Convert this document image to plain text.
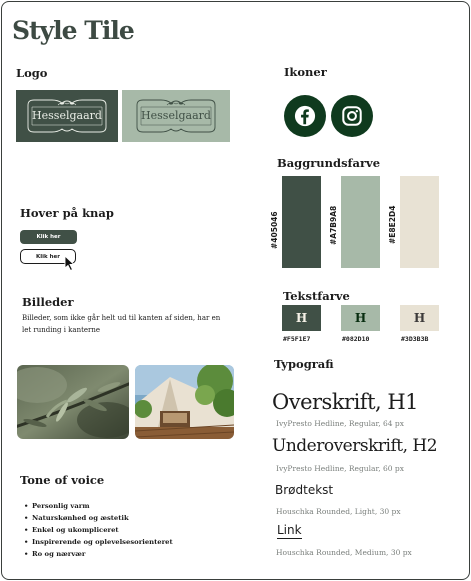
Style Tile
Logo
Hesselgaard	Hesselgaard
Ikoner
Baggrundsfarve
#405046	#A7B9A8	#E8E2D4
Hover på knap
Klik her
Klik her
Billeder
Billeder, som ikke går helt ud til kanten af siden, har en let runding i kanterne
Tekstfarve
H	H	H
#F5F1E7	#082D10	#3D3B3B
Typografi
Overskrift, H1
IvyPresto Hedline, Regular, 64 px
Underoverskrift, H2
IvyPresto Hedline, Regular, 60 px
Brødtekst
Houschka Rounded, Light, 30 px
Link
Houschka Rounded, Medium, 30 px
Tone of voice
• Personlig varm
• Naturskønhed og æstetik
• Enkel og ukompliceret
• Inspirerende og oplevelsesorienteret
• Ro og nærvær
